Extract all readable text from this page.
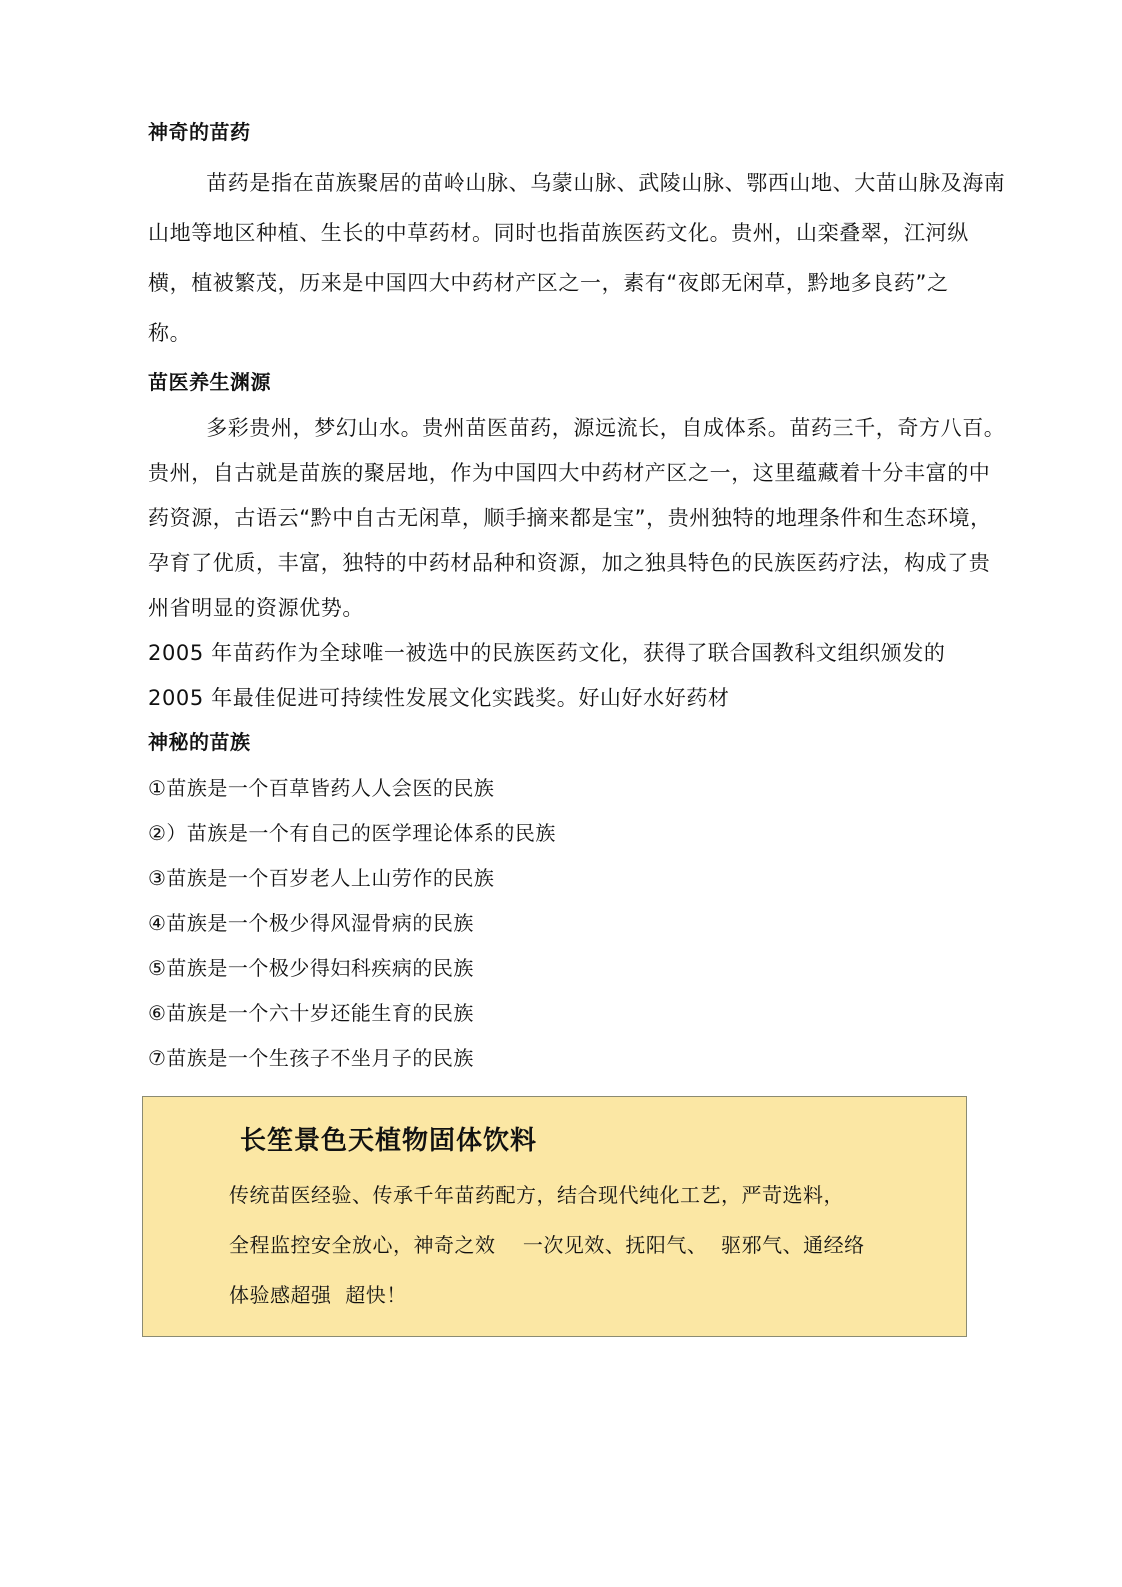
神奇的苗药
苗药是指在苗族聚居的苗岭山脉、乌蒙山脉、武陵山脉、鄂西山地、大苗山脉及海南
山地等地区种植、生长的中草药材。同时也指苗族医药文化。贵州，山栾叠翠，江河纵
横，植被繁茂，历来是中国四大中药材产区之一，素有“夜郎无闲草，黔地多良药”之
称。
苗医养生渊源
多彩贵州，梦幻山水。贵州苗医苗药，源远流长，自成体系。苗药三千，奇方八百。
贵州，自古就是苗族的聚居地，作为中国四大中药材产区之一，这里蕴藏着十分丰富的中
药资源，古语云“黔中自古无闲草，顺手摘来都是宝”，贵州独特的地理条件和生态环境，
孕育了优质，丰富，独特的中药材品种和资源，加之独具特色的民族医药疗法，构成了贵
州省明显的资源优势。
2005 年苗药作为全球唯一被选中的民族医药文化，获得了联合国教科文组织颁发的
2005 年最佳促进可持续性发展文化实践奖。好山好水好药材
神秘的苗族
①苗族是一个百草皆药人人会医的民族
②）苗族是一个有自己的医学理论体系的民族
③苗族是一个百岁老人上山劳作的民族
④苗族是一个极少得风湿骨病的民族
⑤苗族是一个极少得妇科疾病的民族
⑥苗族是一个六十岁还能生育的民族
⑦苗族是一个生孩子不坐月子的民族
长笙景色天植物固体饮料
传统苗医经验、传承千年苗药配方，结合现代纯化工艺，严苛选料，
全程监控安全放心，神奇之效    一次见效、抚阳气、  驱邪气、通经络
体验感超强  超快！
